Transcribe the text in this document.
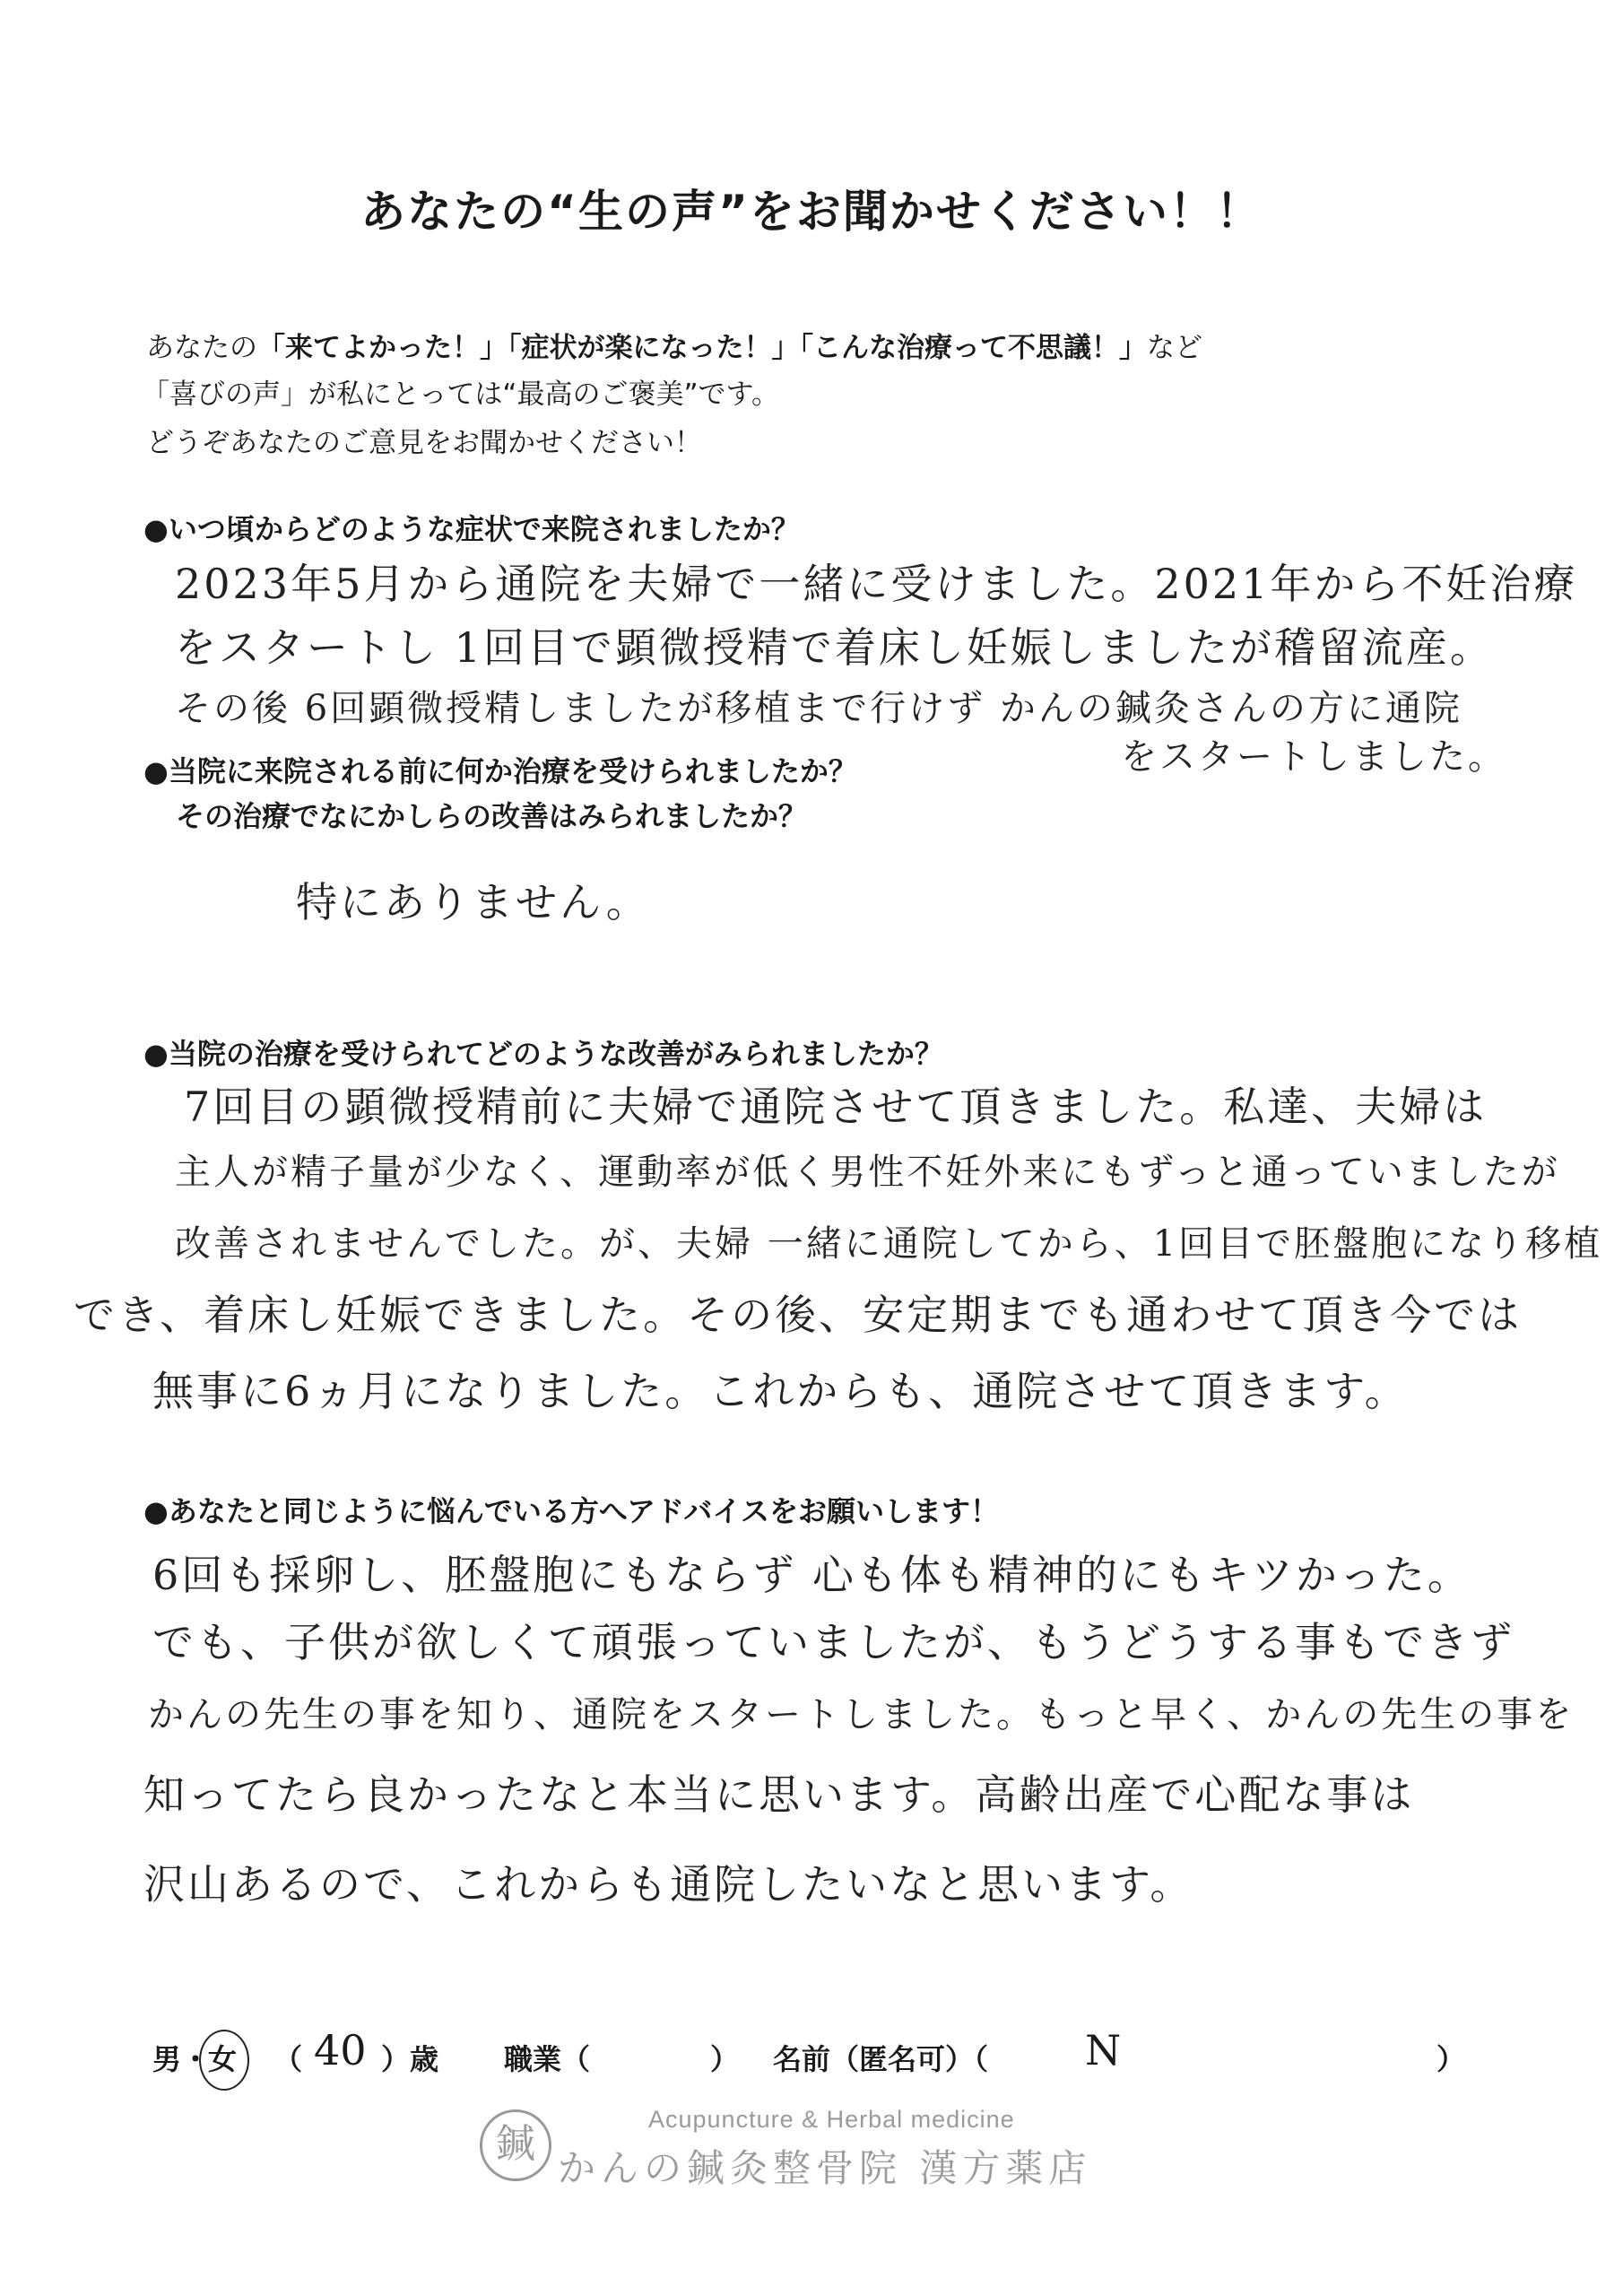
あなたの“生の声”をお聞かせください！！
あなたの「来てよかった！」「症状が楽になった！」「こんな治療って不思議！」など
「喜びの声」が私にとっては“最高のご褒美”です。
どうぞあなたのご意見をお聞かせください！
●いつ頃からどのような症状で来院されましたか？
2023年5月から通院を夫婦で一緒に受けました。2021年から不妊治療
をスタートし 1回目で顕微授精で着床し妊娠しましたが稽留流産。
その後 6回顕微授精しましたが移植まで行けず かんの鍼灸さんの方に通院
をスタートしました。
●当院に来院される前に何か治療を受けられましたか？
その治療でなにかしらの改善はみられましたか？
特にありません。
●当院の治療を受けられてどのような改善がみられましたか？
7回目の顕微授精前に夫婦で通院させて頂きました。私達、夫婦は
主人が精子量が少なく、運動率が低く男性不妊外来にもずっと通っていましたが
改善されませんでした。が、夫婦 一緒に通院してから、1回目で胚盤胞になり移植
でき、着床し妊娠できました。その後、安定期までも通わせて頂き今では
無事に6ヵ月になりました。これからも、通院させて頂きます。
●あなたと同じように悩んでいる方へアドバイスをお願いします！
6回も採卵し、胚盤胞にもならず 心も体も精神的にもキツかった。
でも、子供が欲しくて頑張っていましたが、もうどうする事もできず
かんの先生の事を知り、通院をスタートしました。もっと早く、かんの先生の事を
知ってたら良かったなと本当に思います。高齢出産で心配な事は
沢山あるので、これからも通院したいなと思います。
男 ・
女 （ 40 ）歳 職業（	） 名前（匿名可）（ N	）
鍼
Acupuncture & Herbal medicine
かんの鍼灸整骨院 漢方薬店
